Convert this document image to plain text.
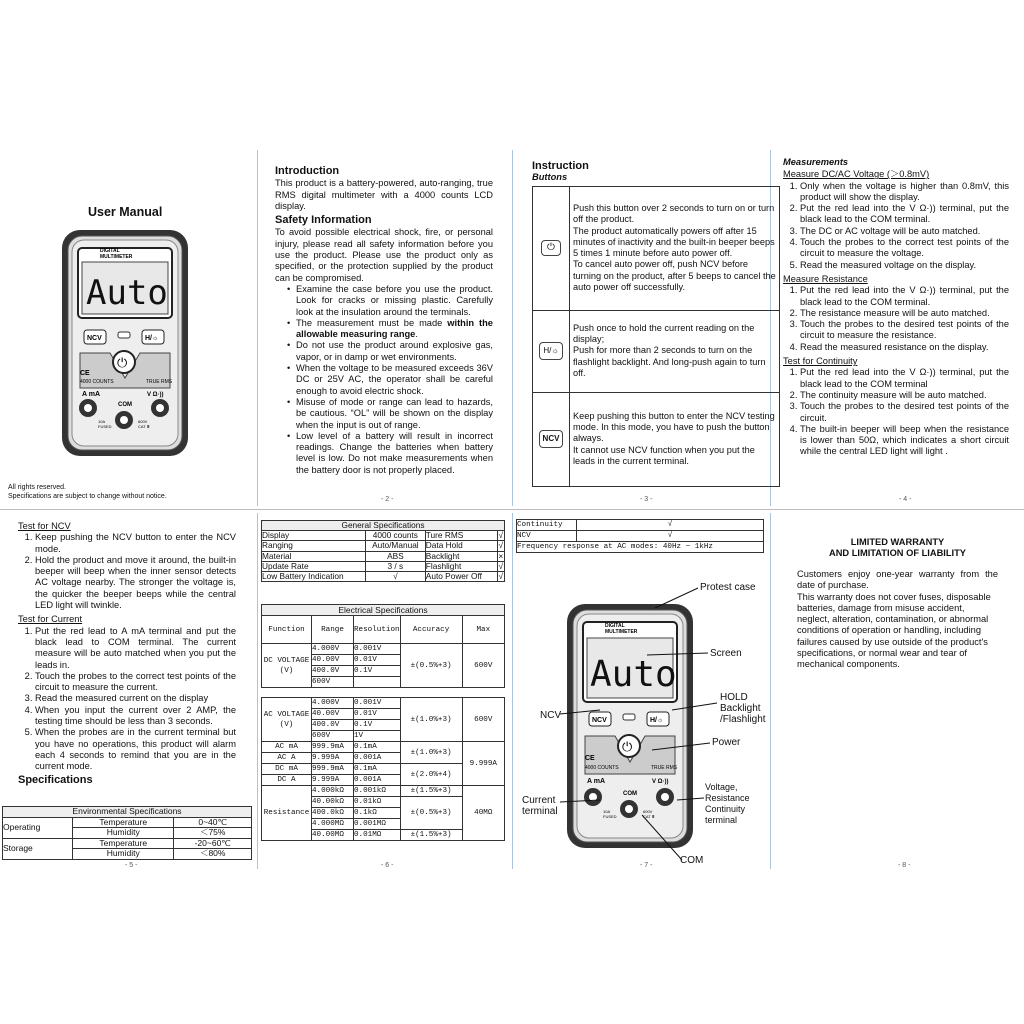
User Manual
DIGITAL
MULTIMETER
Auto
NCV	H/☼
⏻
4000 COUNTS	TRUE RMS
CE
A mA
COM
V Ω·))
10A
FUSED
600V
CAT Ⅲ
All rights reserved.
Specifications are subject to change without notice.
Introduction
This product is a battery-powered, auto-ranging, true RMS digital multimeter with a 4000 counts LCD display.
Safety Information
To avoid possible electrical shock, fire, or personal injury, please read all safety information before you use the product. Please use the product only as specified, or the protection supplied by the product can be compromised.
• Examine the case before you use the product. Look for cracks or missing plastic. Carefully look at the insulation around the terminals.
• The measurement must be made within the allowable measuring range.
• Do not use the product around explosive gas, vapor, or in damp or wet environments.
• When the voltage to be measured exceeds 36V DC or 25V AC, the operator shall be careful enough to avoid electric shock.
• Misuse of mode or range can lead to hazards, be cautious. “OL” will be shown on the display when the input is out of range.
• Low level of a battery will result in incorrect readings. Change the batteries when battery level is low. Do not make measurements when the battery door is not properly placed.
- 2 -
Instruction
Buttons
⏻	Push this button over 2 seconds to turn on or turn off the product.
The product automatically powers off after 15 minutes of inactivity and the built-in beeper beeps 5 times 1 minute before auto power off.
To cancel auto power off, push NCV before turning on the product, after 5 beeps to cancel the auto power off successfully.
H/☼	Push once to hold the current reading on the display;
Push for more than 2 seconds to turn on the flashlight backlight. And long-push again to turn off.
NCV	Keep pushing this button to enter the NCV testing mode. In this mode, you have to push the button always.
It cannot use NCV function when you put the leads in the current terminal.
- 3 -
Measurements
Measure DC/AC Voltage (＞0.8mV)
1. Only when the voltage is higher than 0.8mV, this product will show the display.
2. Put the red lead into the V Ω·)) terminal, put the black lead to the COM terminal.
3. The DC or AC voltage will be auto matched.
4. Touch the probes to the correct test points of the circuit to measure the voltage.
5. Read the measured voltage on the display.
Measure Resistance
1. Put the red lead into the V Ω·)) terminal, put the black lead to the COM terminal.
2. The resistance measure will be auto matched.
3. Touch the probes to the desired test points of the circuit to measure the resistance.
4. Read the measured resistance on the display.
Test for Continuity
1. Put the red lead into the V Ω·)) terminal, put the black lead to the COM terminal
2. The continuity measure will be auto matched.
3. Touch the probes to the desired test points of the circuit.
4. The built-in beeper will beep when the resistance is lower than 50Ω, which indicates a short circuit while the central LED light will light .
- 4 -
Test for NCV
1. Keep pushing the NCV button to enter the NCV mode.
2. Hold the product and move it around, the built-in beeper will beep when the inner sensor detects AC voltage nearby. The stronger the voltage is, the quicker the beeper beeps while the central LED light will twinkle.
Test for Current
1. Put the red lead to A mA terminal and put the black lead to COM terminal. The current measure will be auto matched when you put the leads in.
2. Touch the probes to the correct test points of the circuit to measure the current.
3. Read the measured current on the display
4. When you input the current over 2 AMP, the testing time should be less than 3 seconds.
5. When the probes are in the current terminal but you have no operations, this product will alarm each 4 seconds to remind that you are in the current mode.
Specifications
Environmental Specifications		
Operating	Temperature	0~40℃
	Humidity	＜75%
Storage	Temperature	-20~60℃
	Humidity	＜80%
- 5 -
General Specifications			
Display	4000 counts	Ture RMS	√
Ranging	Auto/Manual	Data Hold	√
Material	ABS	Backlight	×
Update Rate	3 / s	Flashlight	√
Low Battery Indication	√	Auto Power Off	√
Electrical Specifications				
Function	Range	Resolution	Accuracy	Max
DC VOLTAGE (V)	4.000V	0.001V	±(0.5%+3)	600V
	40.00V	0.01V		
	400.0V	0.1V		
	600V			

AC VOLTAGE (V)	4.000V	0.001V	±(1.0%+3)	600V
	40.00V	0.01V		
	400.0V	0.1V		
	600V	1V		
AC mA	999.9mA	0.1mA	±(1.0%+3)	9.999A
AC A	9.999A	0.001A		
DC mA	999.9mA	0.1mA	±(2.0%+4)	
DC A	9.999A	0.001A		
Resistance	4.000kΩ	0.001kΩ	±(1.5%+3)	40MΩ
	40.00kΩ	0.01kΩ	±(0.5%+3)	
	400.0kΩ	0.1kΩ		
	4.000MΩ	0.001MΩ		
	40.00MΩ	0.01MΩ	±(1.5%+3)	
- 6 -
Continuity	√
NCV	√
Frequency response at AC modes: 40Hz ~ 1kHz	
DIGITAL
MULTIMETER
Auto
NCV	H/☼
⏻
4000 COUNTS	TRUE RMS
CE
A mA
COM
V Ω·))
10A
FUSED
600V
CAT Ⅲ
Protest case
Screen
HOLD
Backlight
/Flashlight
NCV
Power
Current
terminal
Voltage,
Resistance
Continuity
terminal
COM
- 7 -
LIMITED WARRANTY
AND LIMITATION OF LIABILITY
Customers enjoy one-year warranty from the date of purchase.
This warranty does not cover fuses, disposable batteries, damage from misuse accident, neglect, alteration, contamination, or abnormal conditions of operation or handling, including failures caused by use outside of the product's specifications, or normal wear and tear of mechanical components.
- 8 -
